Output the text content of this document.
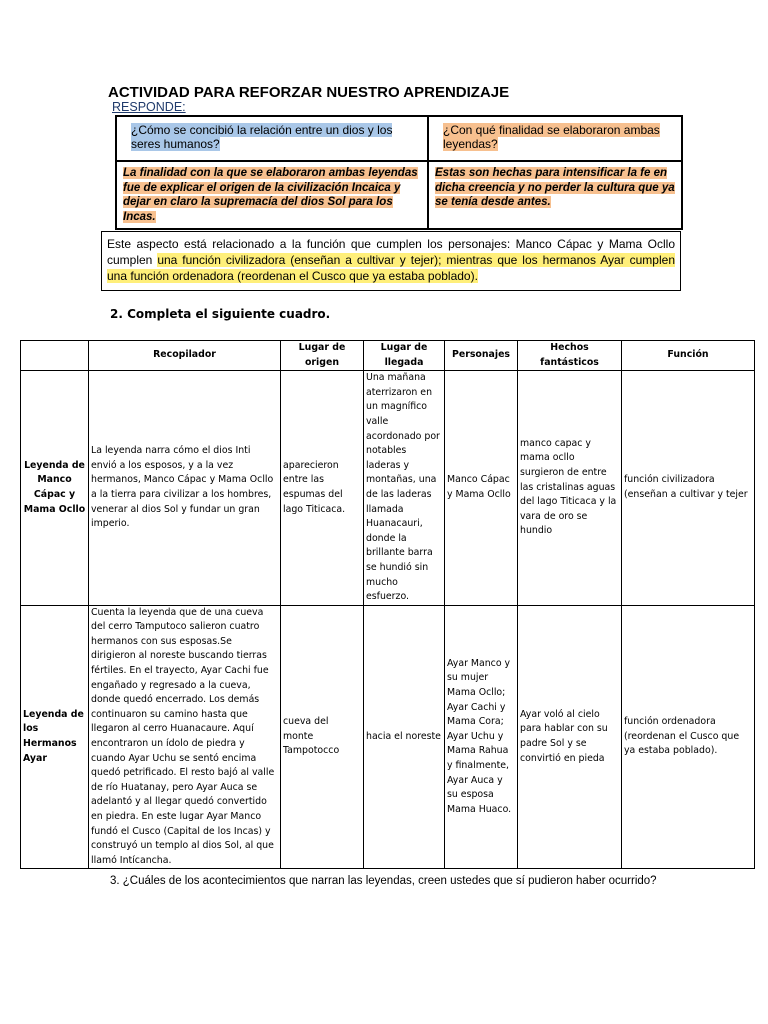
ACTIVIDAD PARA REFORZAR NUESTRO APRENDIZAJE
RESPONDE:
¿Cómo se concibió la relación entre un dios y los seres humanos?	¿Con qué finalidad se elaboraron ambas leyendas?
La finalidad con la que se elaboraron ambas leyendas fue de explicar el origen de la civilización Incaica y dejar en claro la supremacía del dios Sol para los Incas.	Estas son hechas para intensificar la fe en dicha creencia y no perder la cultura que ya se tenía desde antes.
Este aspecto está relacionado a la función que cumplen los personajes: Manco Cápac y Mama Ocllo cumplen una función civilizadora (enseñan a cultivar y tejer); mientras que los hermanos Ayar cumplen una función ordenadora (reordenan el Cusco que ya estaba poblado).
2. Completa el siguiente cuadro.
	Recopilador	Lugar de origen	Lugar de llegada	Personajes	Hechos fantásticos	Función
Leyenda de Manco Cápac y Mama Ocllo	La leyenda narra cómo el dios Inti envió a los esposos, y a la vez hermanos, Manco Cápac y Mama Ocllo a la tierra para civilizar a los hombres, venerar al dios Sol y fundar un gran imperio.	aparecieron entre las espumas del lago Titicaca.	Una mañana aterrizaron en un magnífico valle acordonado por notables laderas y montañas, una de las laderas llamada Huanacauri, donde la brillante barra se hundió sin mucho esfuerzo.	Manco Cápac y Mama Ocllo	manco capac y mama ocllo surgieron de entre las cristalinas aguas del lago Titicaca y la vara de oro se hundio	función civilizadora (enseñan a cultivar y tejer
Leyenda de los Hermanos Ayar	Cuenta la leyenda que de una cueva del cerro Tamputoco salieron cuatro hermanos con sus esposas.Se dirigieron al noreste buscando tierras fértiles. En el trayecto, Ayar Cachi fue engañado y regresado a la cueva, donde quedó encerrado. Los demás continuaron su camino hasta que llegaron al cerro Huanacaure. Aquí encontraron un ídolo de piedra y cuando Ayar Uchu se sentó encima quedó petrificado. El resto bajó al valle de río Huatanay, pero Ayar Auca se adelantó y al llegar quedó convertido en piedra. En este lugar Ayar Manco fundó el Cusco (Capital de los Incas) y construyó un templo al dios Sol, al que llamó Intícancha.	cueva del monte Tampotocco	hacia el noreste	Ayar Manco y su mujer Mama Ocllo; Ayar Cachi y Mama Cora; Ayar Uchu y Mama Rahua y finalmente, Ayar Auca y su esposa Mama Huaco.	Ayar voló al cielo para hablar con su padre Sol y se convirtió en pieda	función ordenadora (reordenan el Cusco que ya estaba poblado).
3. ¿Cuáles de los acontecimientos que narran las leyendas, creen ustedes que sí pudieron haber ocurrido?
